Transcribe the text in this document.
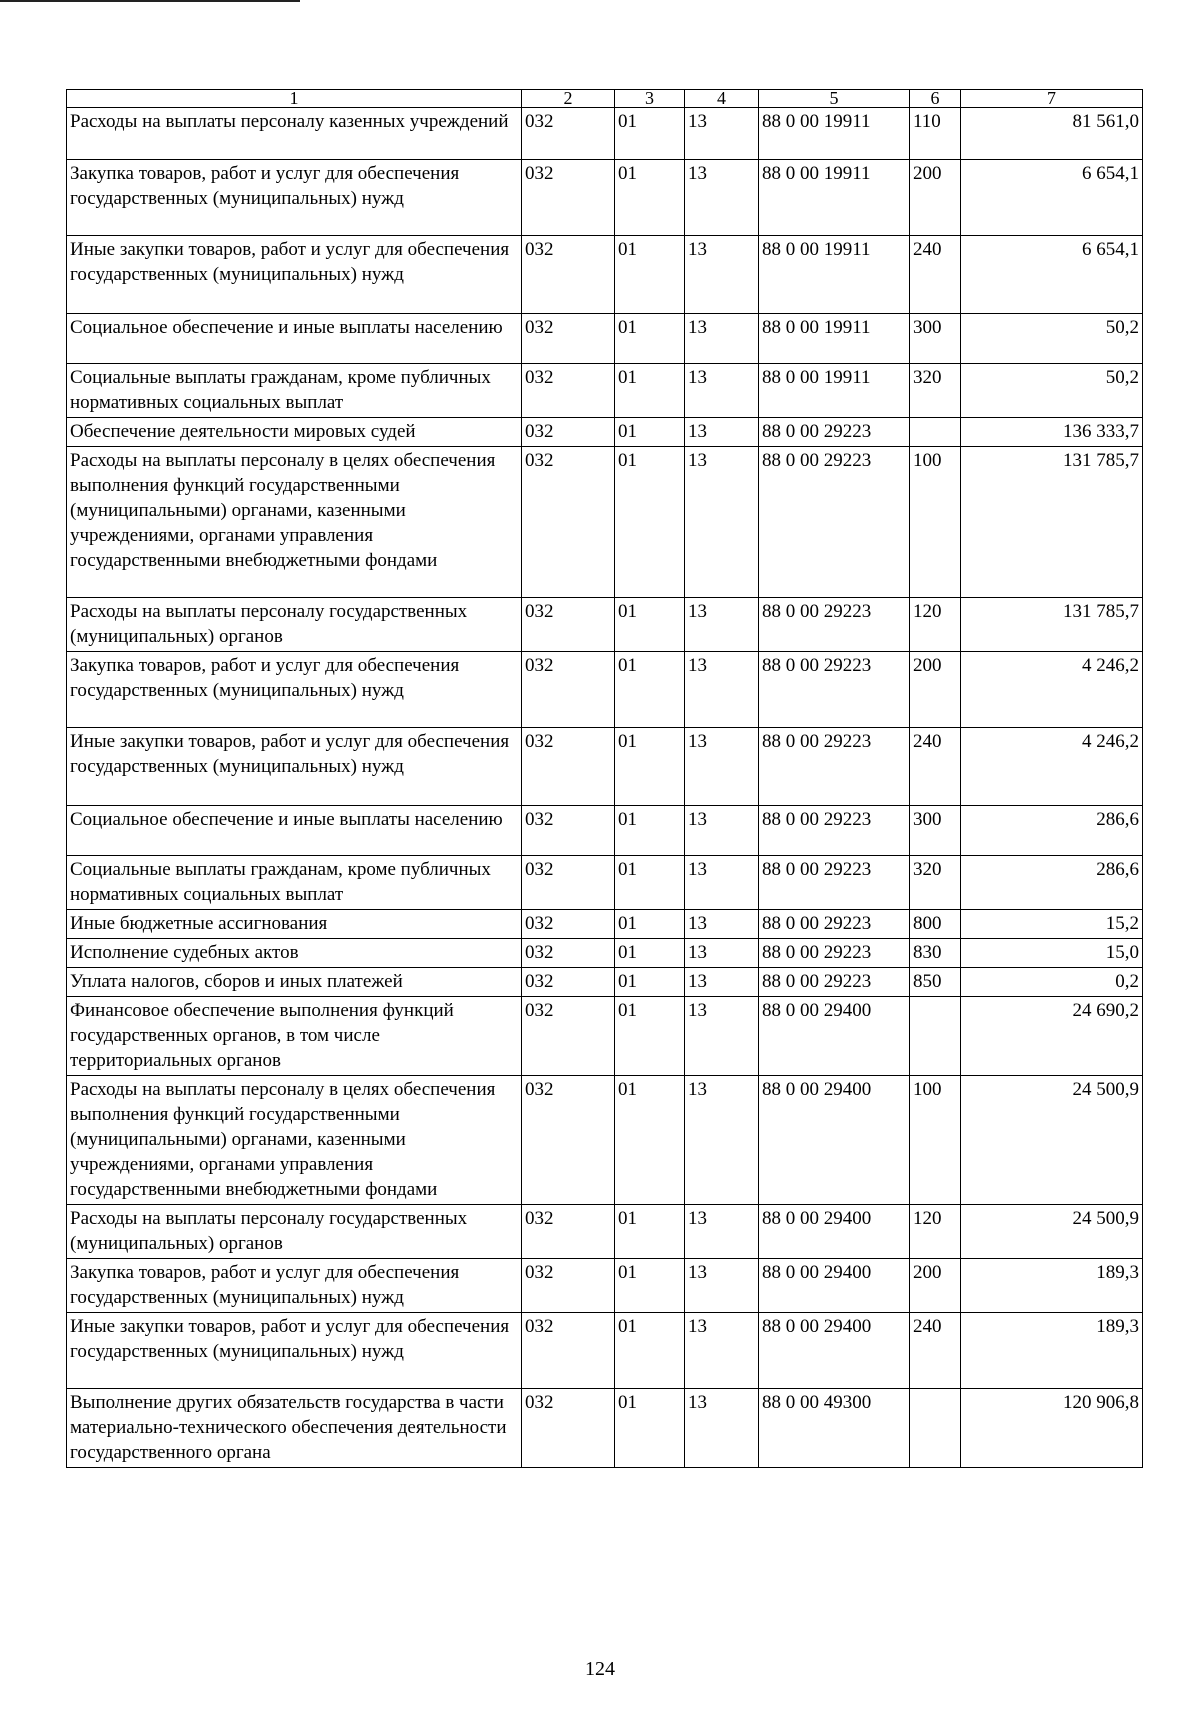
1	2	3	4	5	6	7
Расходы на выплаты персоналу казенных учреждений	032	01	13	88 0 00 19911	110	81 561,0
Закупка товаров, работ и услуг для обеспечения государственных (муниципальных) нужд	032	01	13	88 0 00 19911	200	6 654,1
Иные закупки товаров, работ и услуг для обеспечения государственных (муниципальных) нужд	032	01	13	88 0 00 19911	240	6 654,1
Социальное обеспечение и иные выплаты населению	032	01	13	88 0 00 19911	300	50,2
Социальные выплаты гражданам, кроме публичных нормативных социальных выплат	032	01	13	88 0 00 19911	320	50,2
Обеспечение деятельности мировых судей	032	01	13	88 0 00 29223		136 333,7
Расходы на выплаты персоналу в целях обеспечения выполнения функций государственными (муниципальными) органами, казенными учреждениями, органами управления государственными внебюджетными фондами	032	01	13	88 0 00 29223	100	131 785,7
Расходы на выплаты персоналу государственных (муниципальных) органов	032	01	13	88 0 00 29223	120	131 785,7
Закупка товаров, работ и услуг для обеспечения государственных (муниципальных) нужд	032	01	13	88 0 00 29223	200	4 246,2
Иные закупки товаров, работ и услуг для обеспечения государственных (муниципальных) нужд	032	01	13	88 0 00 29223	240	4 246,2
Социальное обеспечение и иные выплаты населению	032	01	13	88 0 00 29223	300	286,6
Социальные выплаты гражданам, кроме публичных нормативных социальных выплат	032	01	13	88 0 00 29223	320	286,6
Иные бюджетные ассигнования	032	01	13	88 0 00 29223	800	15,2
Исполнение судебных актов	032	01	13	88 0 00 29223	830	15,0
Уплата налогов, сборов и иных платежей	032	01	13	88 0 00 29223	850	0,2
Финансовое обеспечение выполнения функций государственных органов, в том числе территориальных органов	032	01	13	88 0 00 29400		24 690,2
Расходы на выплаты персоналу в целях обеспечения выполнения функций государственными (муниципальными) органами, казенными учреждениями, органами управления государственными внебюджетными фондами	032	01	13	88 0 00 29400	100	24 500,9
Расходы на выплаты персоналу государственных (муниципальных) органов	032	01	13	88 0 00 29400	120	24 500,9
Закупка товаров, работ и услуг для обеспечения государственных (муниципальных) нужд	032	01	13	88 0 00 29400	200	189,3
Иные закупки товаров, работ и услуг для обеспечения государственных (муниципальных) нужд	032	01	13	88 0 00 29400	240	189,3
Выполнение других обязательств государства в части материально-технического обеспечения деятельности государственного органа	032	01	13	88 0 00 49300		120 906,8
124
